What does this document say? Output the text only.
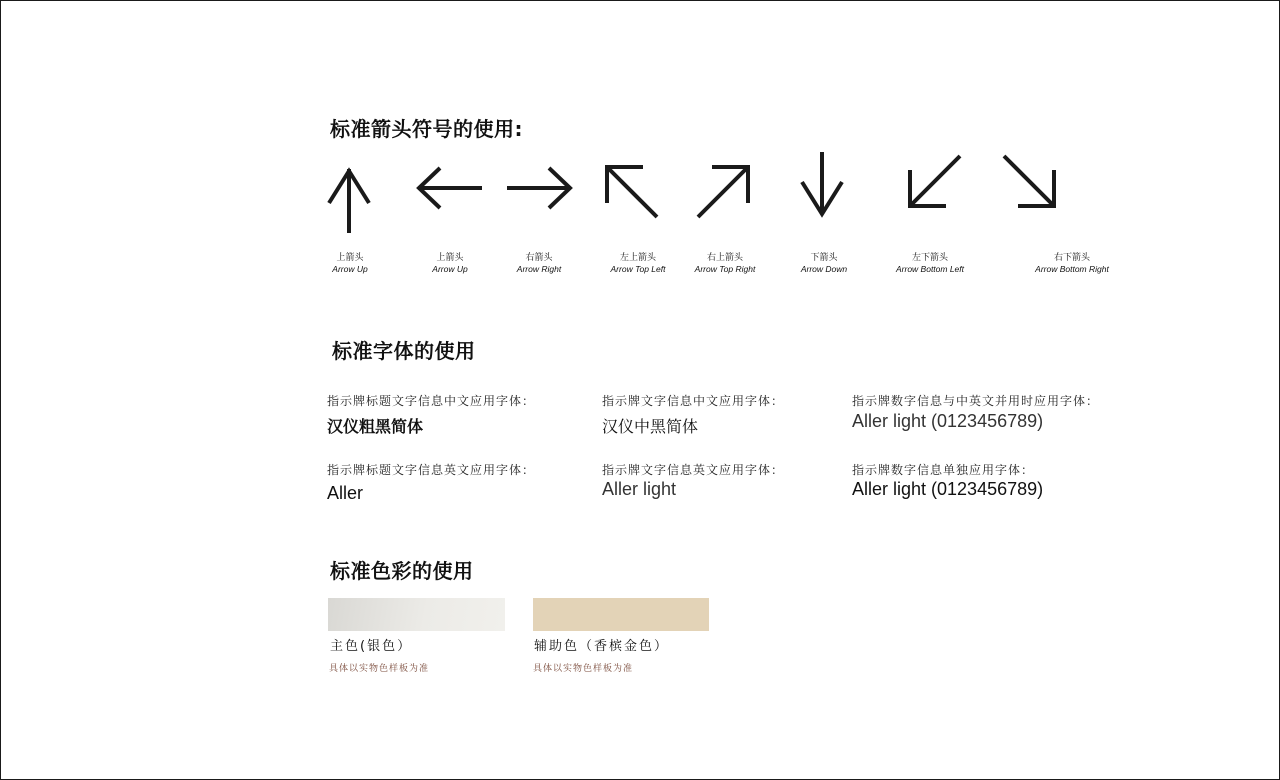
标准箭头符号的使用:
上箭头
Arrow Up
上箭头
Arrow Up
右箭头
Arrow Right
左上箭头
Arrow Top Left
右上箭头
Arrow Top Right
下箭头
Arrow Down
左下箭头
Arrow Bottom Left
右下箭头
Arrow Bottom Right
标准字体的使用
指示牌标题文字信息中文应用字体：
汉仪粗黑简体
指示牌文字信息中文应用字体：
汉仪中黑简体
指示牌数字信息与中英文并用时应用字体：
Aller light (0123456789)
指示牌标题文字信息英文应用字体：
Aller
指示牌文字信息英文应用字体：
Aller light
指示牌数字信息单独应用字体：
Aller light (0123456789)
标准色彩的使用
主色(银色）
具体以实物色样板为准
辅助色（香槟金色）
具体以实物色样板为准
